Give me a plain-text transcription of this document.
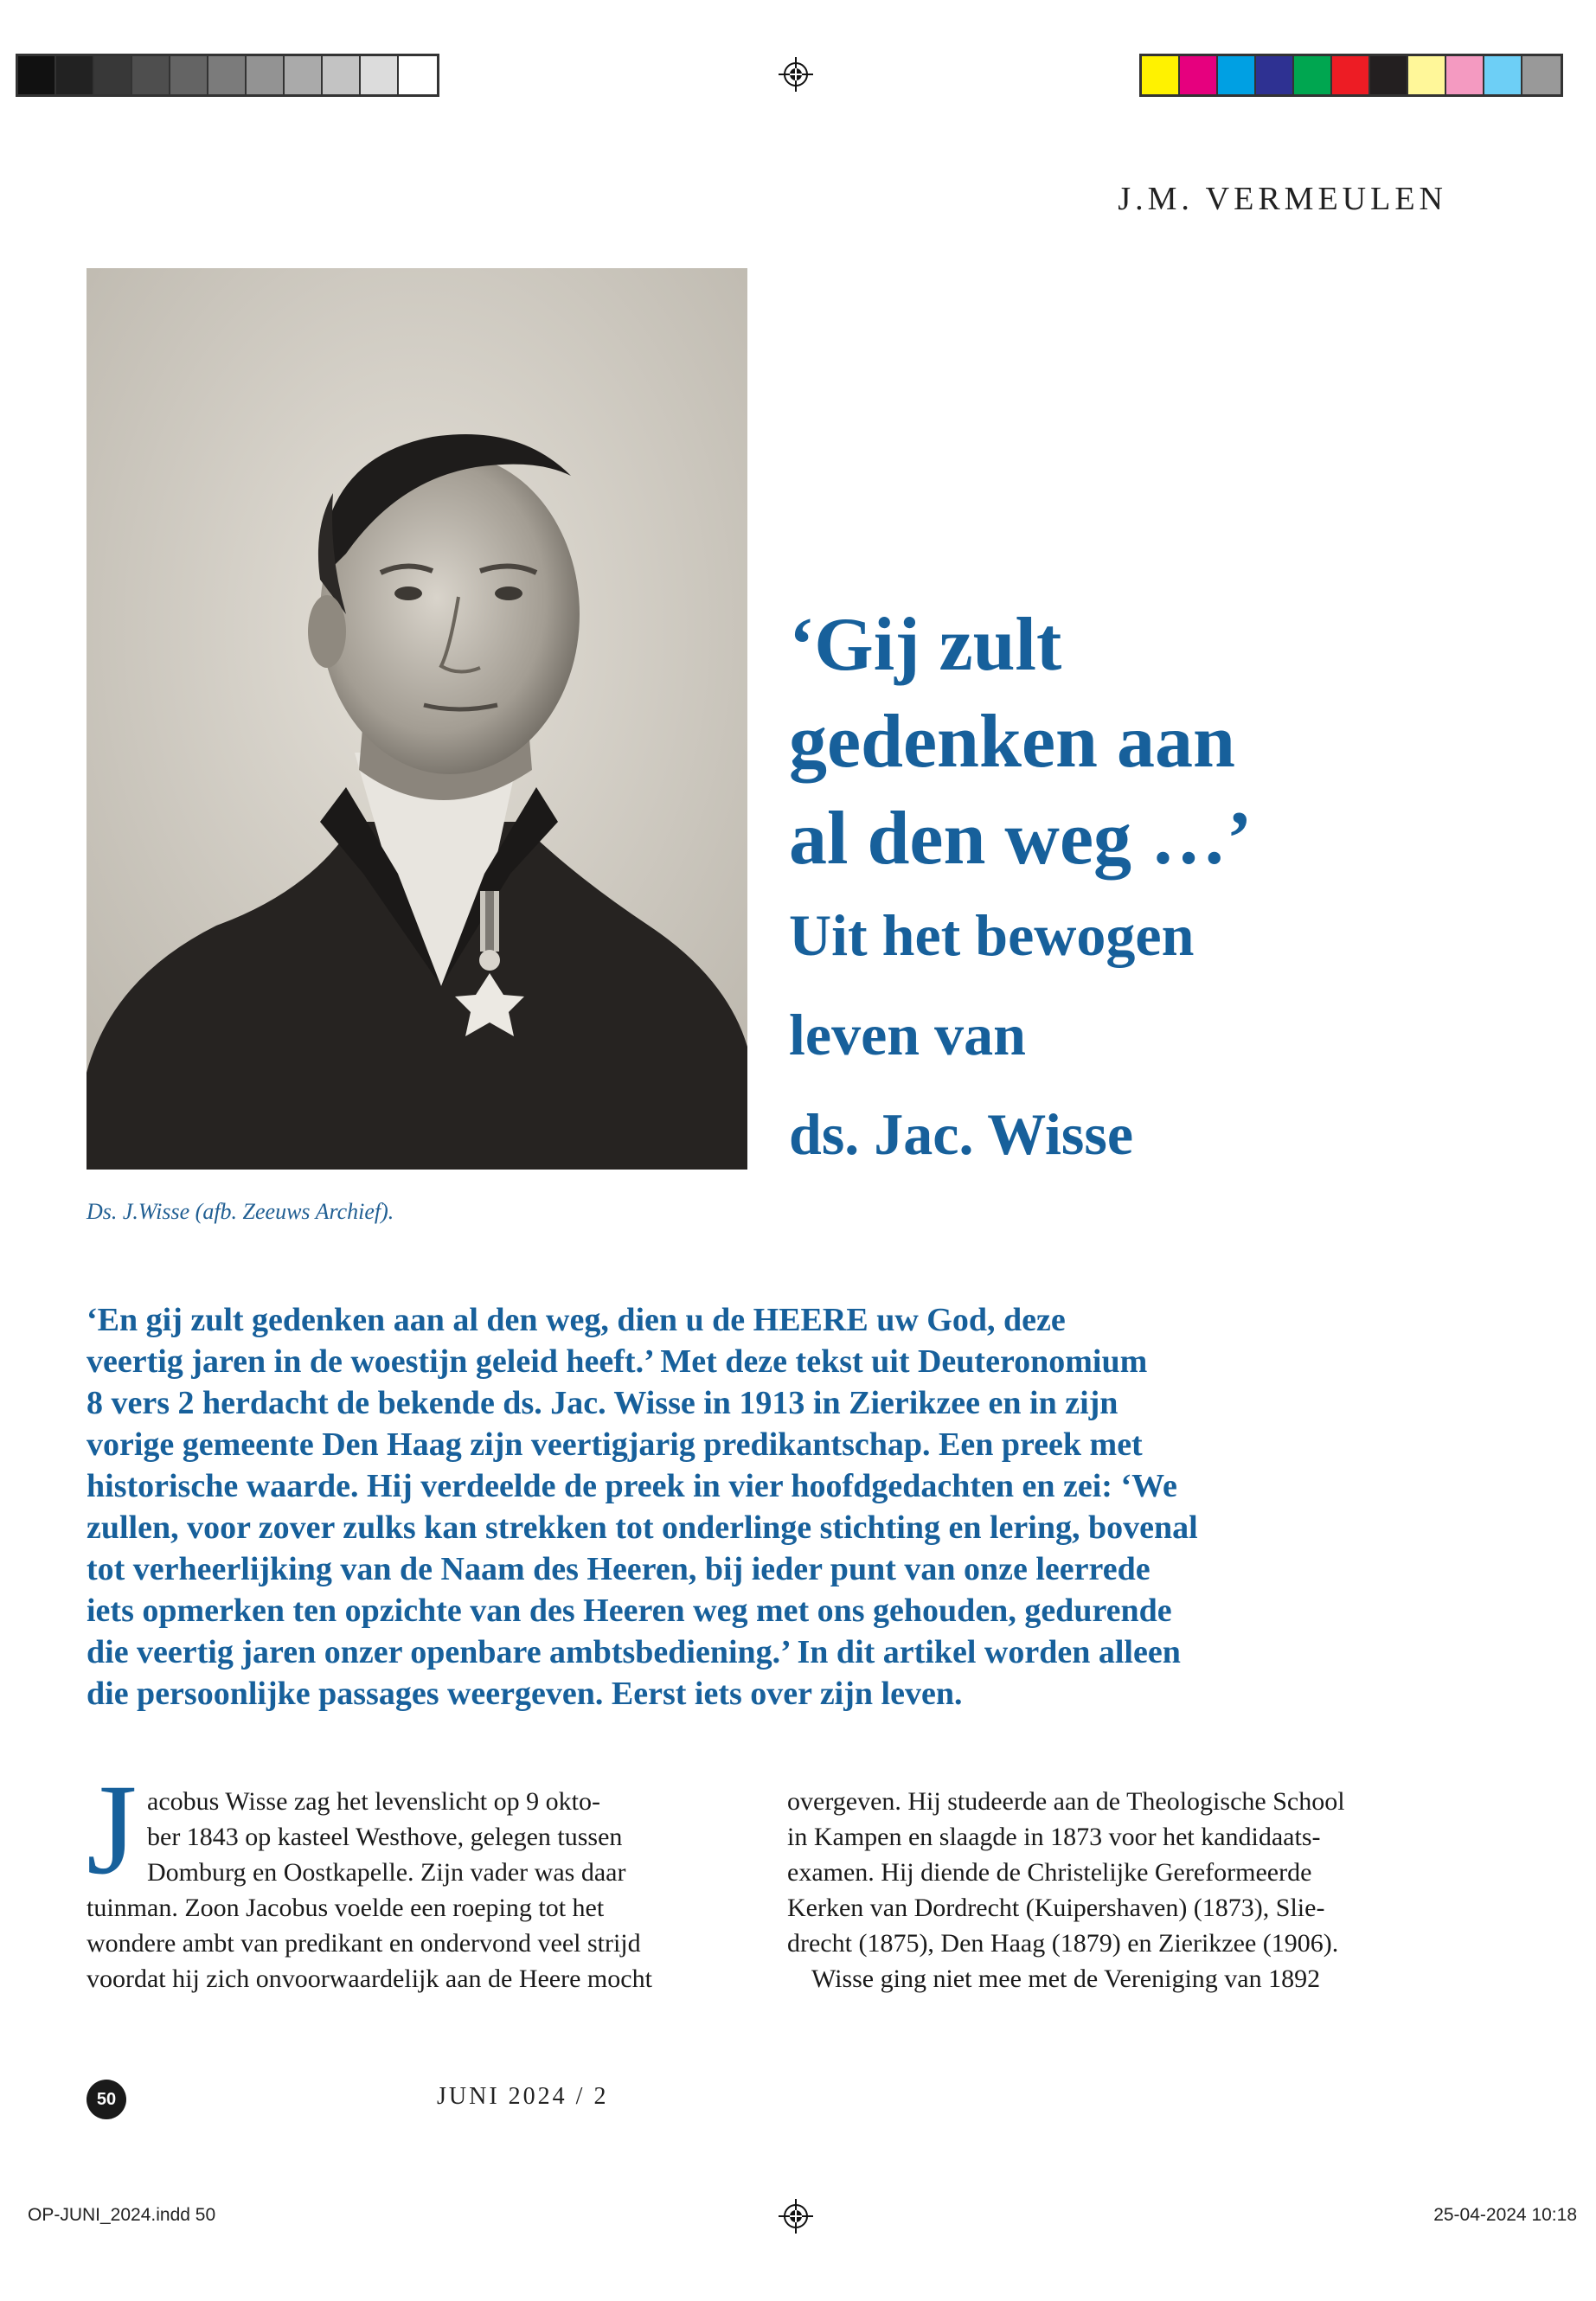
J.M. VERMEULEN
Ds. J.Wisse (afb. Zeeuws Archief).
‘Gij zult
gedenken aan
al den weg …’
Uit het bewogen
leven van
ds. Jac. Wisse
‘En gij zult gedenken aan al den weg, dien u de HEERE uw God, deze
veertig jaren in de woestijn geleid heeft.’ Met deze tekst uit Deuteronomium
8 vers 2 herdacht de bekende ds. Jac. Wisse in 1913 in Zierikzee en in zijn
vorige gemeente Den Haag zijn veertigjarig predikantschap. Een preek met
historische waarde. Hij verdeelde de preek in vier hoofdgedachten en zei: ‘We
zullen, voor zover zulks kan strekken tot onderlinge stichting en lering, bovenal
tot verheerlijking van de Naam des Heeren, bij ieder punt van onze leerrede
iets opmerken ten opzichte van des Heeren weg met ons gehouden, gedurende
die veertig jaren onzer openbare ambtsbediening.’ In dit artikel worden alleen
die persoonlijke passages weergeven. Eerst iets over zijn leven.
J acobus Wisse zag het levenslicht op 9 okto-
ber 1843 op kasteel Westhove, gelegen tussen
Domburg en Oostkapelle. Zijn vader was daar
tuinman. Zoon Jacobus voelde een roeping tot het
wondere ambt van predikant en ondervond veel strijd
voordat hij zich onvoorwaardelijk aan de Heere mocht
overgeven. Hij studeerde aan de Theologische School
in Kampen en slaagde in 1873 voor het kandidaats-
examen. Hij diende de Christelijke Gereformeerde
Kerken van Dordrecht (Kuipershaven) (1873), Slie-
drecht (1875), Den Haag (1879) en Zierikzee (1906).
Wisse ging niet mee met de Vereniging van 1892
50	JUNI 2024 / 2
OP-JUNI_2024.indd 50	25-04-2024 10:18
